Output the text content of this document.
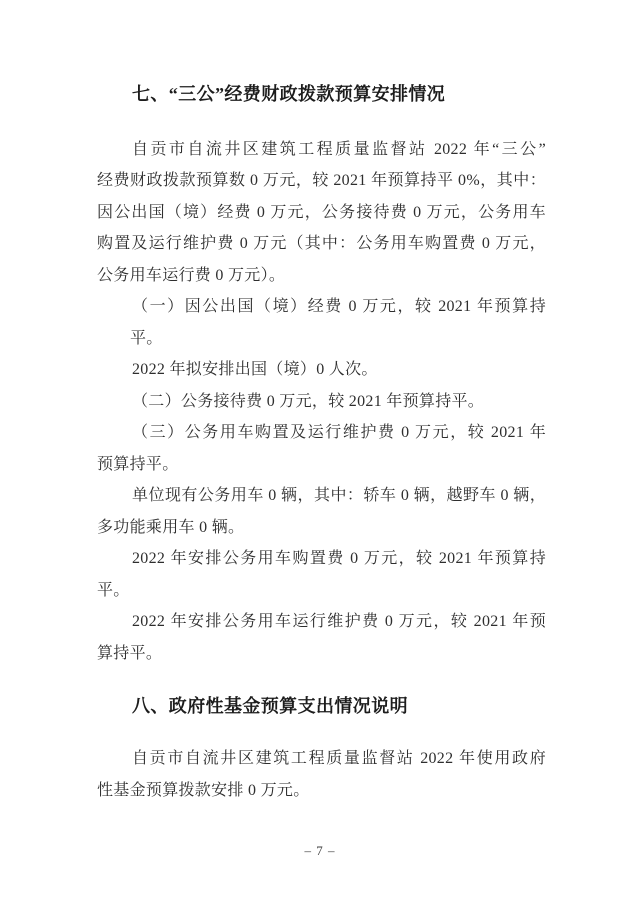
– 7 –
七、“三公”经费财政拨款预算安排情况
自贡市自流井区建筑工程质量监督站 2022 年“三公”
经费财政拨款预算数 0 万元，较 2021 年预算持平 0%，其中：
因公出国（境）经费 0 万元，公务接待费 0 万元，公务用车
购置及运行维护费 0 万元（其中：公务用车购置费 0 万元，
公务用车运行费 0 万元）。
（一）因公出国（境）经费 0 万元，较 2021 年预算持
平。
2022 年拟安排出国（境）0 人次。
（二）公务接待费 0 万元，较 2021 年预算持平。
（三）公务用车购置及运行维护费 0 万元，较 2021 年
预算持平。
单位现有公务用车 0 辆，其中：轿车 0 辆，越野车 0 辆，
多功能乘用车 0 辆。
2022 年安排公务用车购置费 0 万元，较 2021 年预算持
平。
2022 年安排公务用车运行维护费 0 万元，较 2021 年预
算持平。
八、政府性基金预算支出情况说明
自贡市自流井区建筑工程质量监督站 2022 年使用政府
性基金预算拨款安排 0 万元。
